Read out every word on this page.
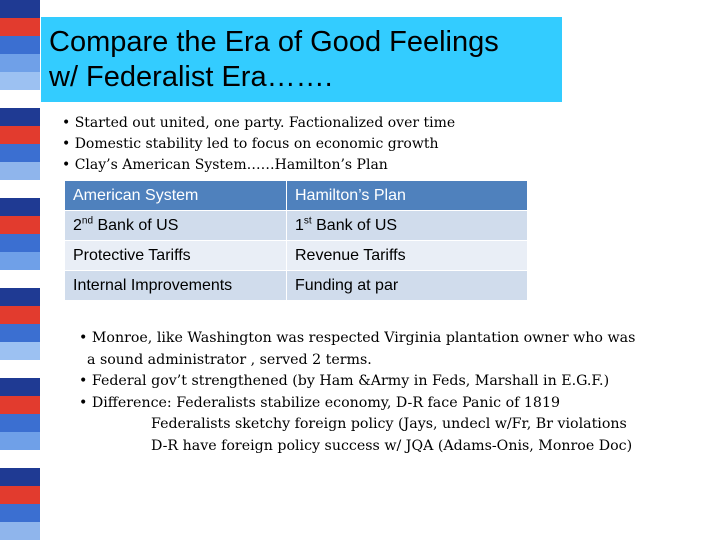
Compare the Era of Good Feelings
w/ Federalist Era…….
• Started out united, one party. Factionalized over time
• Domestic stability led to focus on economic growth
• Clay’s American System……Hamilton’s Plan
American System	Hamilton’s Plan
2nd Bank of US	1st Bank of US
Protective Tariffs	Revenue Tariffs
Internal Improvements	Funding at par
• Monroe, like Washington was respected Virginia plantation owner who was
a sound administrator , served 2 terms.
• Federal gov’t strengthened (by Ham &Army in Feds, Marshall in E.G.F.)
• Difference: Federalists stabilize economy, D-R face Panic of 1819
Federalists sketchy foreign policy (Jays, undecl w/Fr, Br violations
D-R have foreign policy success w/ JQA (Adams-Onis, Monroe Doc)
